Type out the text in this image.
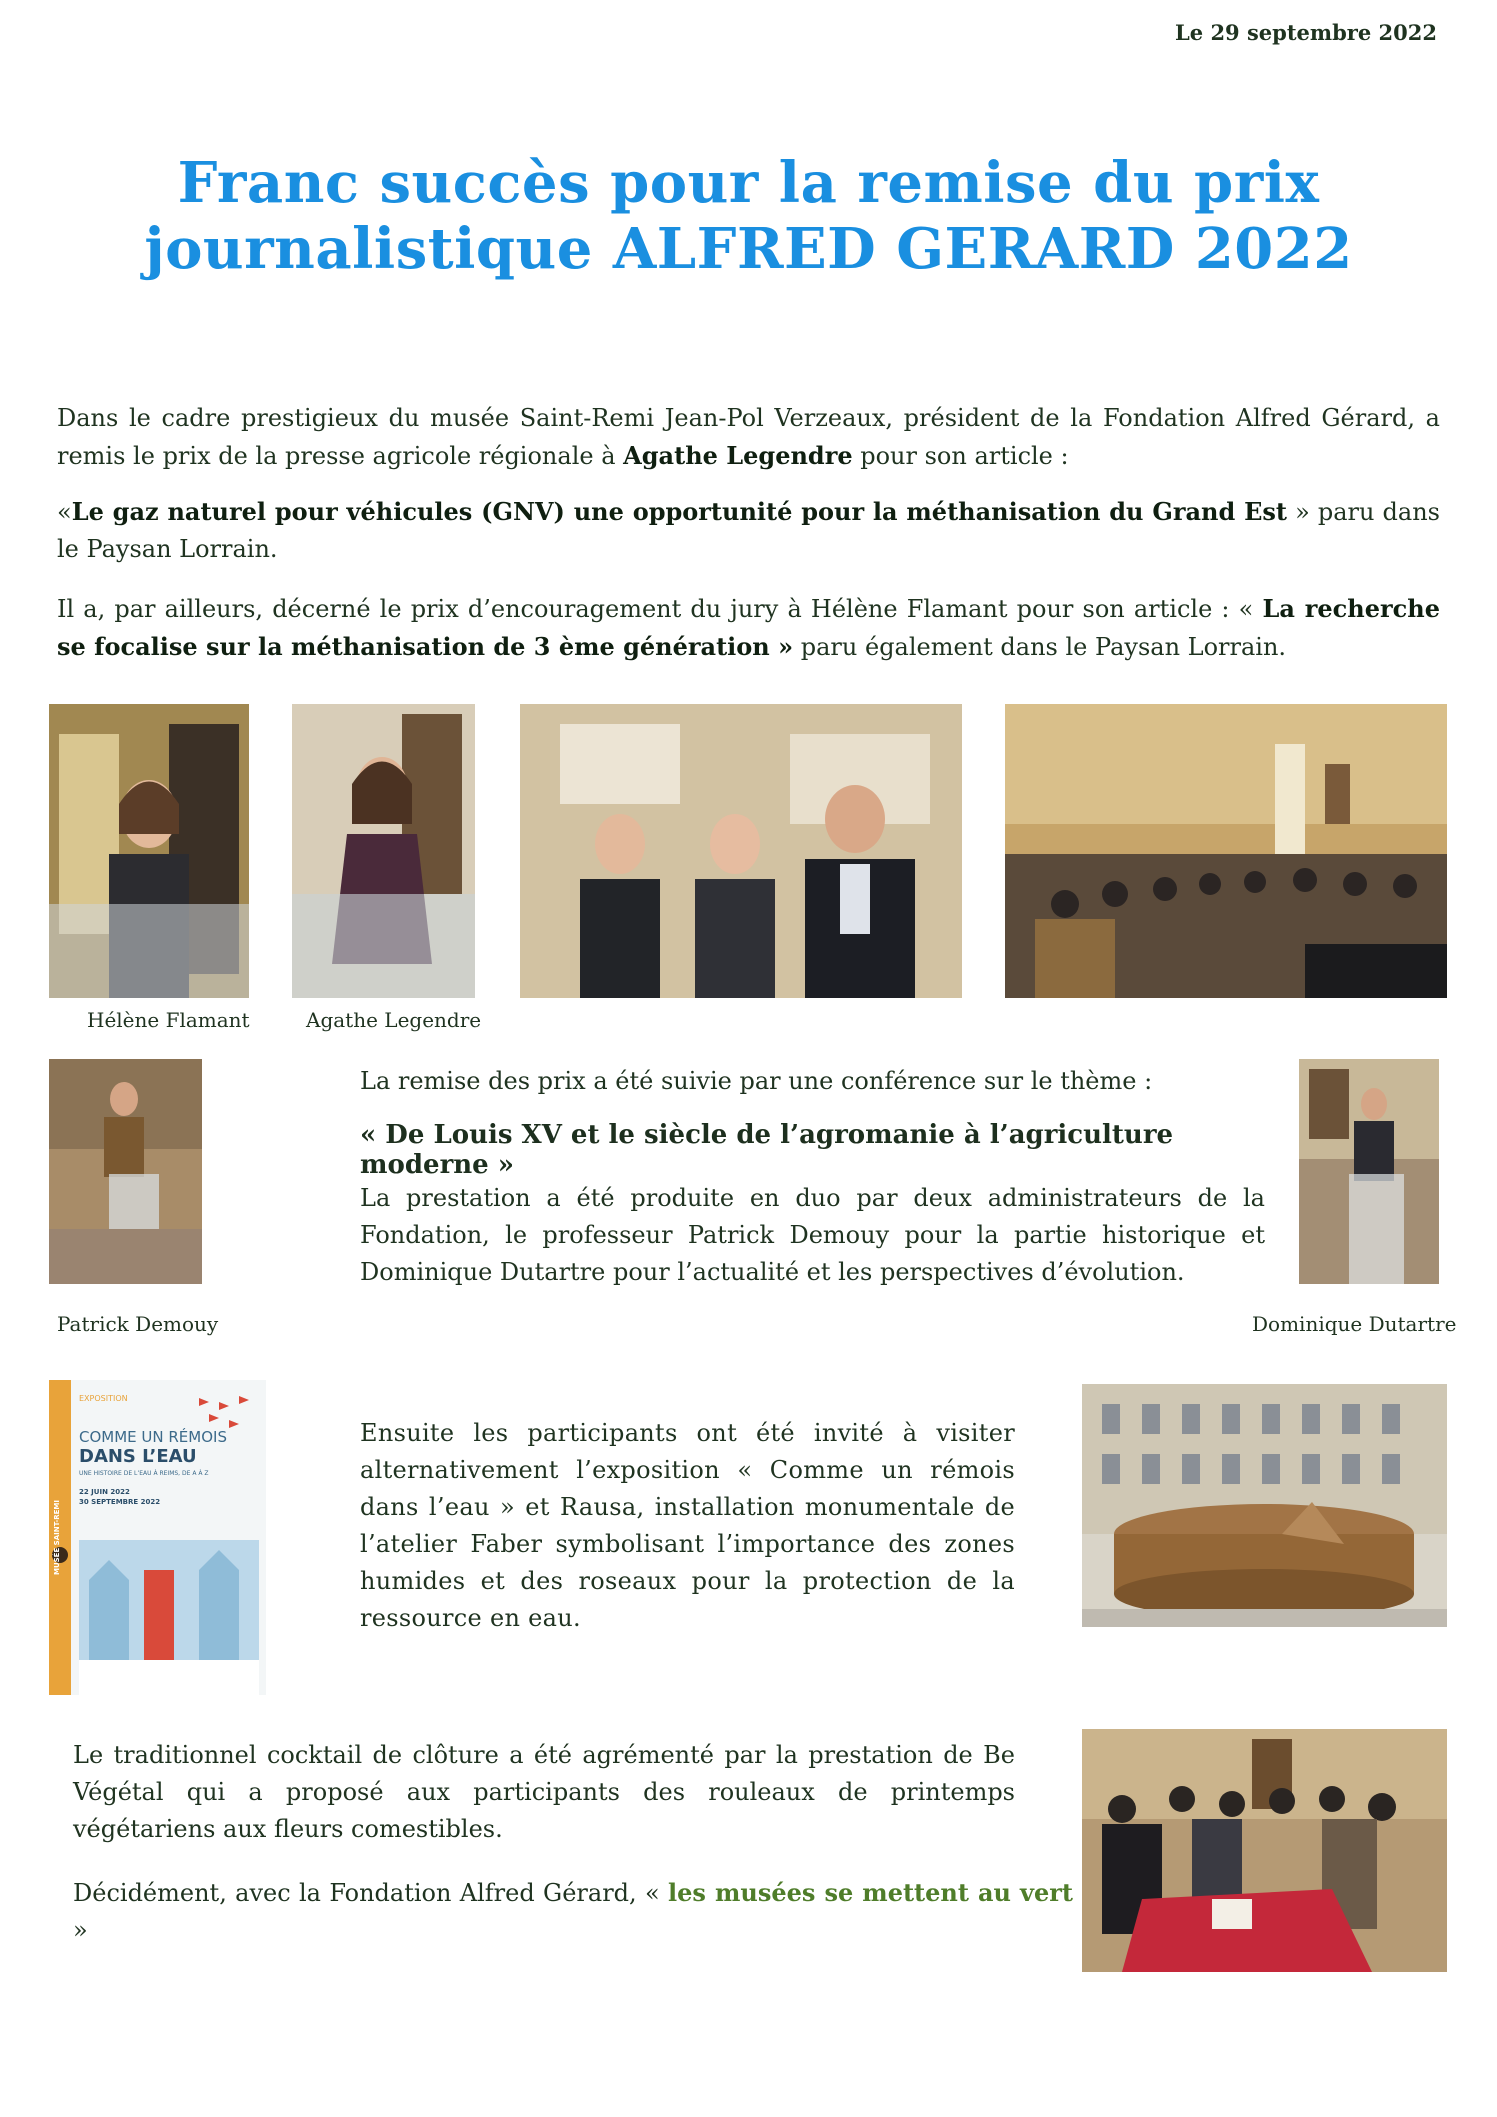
Le 29 septembre 2022
Franc succès pour la remise du prix
journalistique ALFRED GERARD 2022
Dans le cadre prestigieux du musée Saint-Remi Jean-Pol Verzeaux, président de la Fondation Alfred Gérard, a remis le prix de la presse agricole régionale à Agathe Legendre pour son article :
«Le gaz naturel pour véhicules (GNV) une opportunité pour la méthanisation du Grand Est » paru dans le Paysan Lorrain.
Il a, par ailleurs, décerné le prix d’encouragement du jury à Hélène Flamant pour son article : « La recherche se focalise sur la méthanisation de 3 ème génération » paru également dans le Paysan Lorrain.
Hélène Flamant	Agathe Legendre
Patrick Demouy
La remise des prix a été suivie par une conférence sur le thème :
« De Louis XV et le siècle de l’agromanie à l’agriculture moderne »
La prestation a été produite en duo par deux administrateurs de la Fondation, le professeur Patrick Demouy pour la partie historique et Dominique Dutartre pour l’actualité et les perspectives d’évolution.
Dominique Dutartre
EXPOSITION
COMME UN RÉMOIS
DANS L’EAU
UNE HISTOIRE DE L’EAU À REIMS, DE A À Z
22 JUIN 2022
30 SEPTEMBRE 2022
MUSÉE SAINT-REMI
Ensuite les participants ont été invité à visiter alternativement l’exposition « Comme un rémois dans l’eau » et Rausa, installation monumentale de l’atelier Faber symbolisant l’importance des zones humides et des roseaux pour la protection de la ressource en eau.
Le traditionnel cocktail de clôture a été agrémenté par la prestation de Be Végétal qui a proposé aux participants des rouleaux de printemps végétariens aux fleurs comestibles.
Décidément, avec la Fondation Alfred Gérard, « les musées se mettent au vert »
